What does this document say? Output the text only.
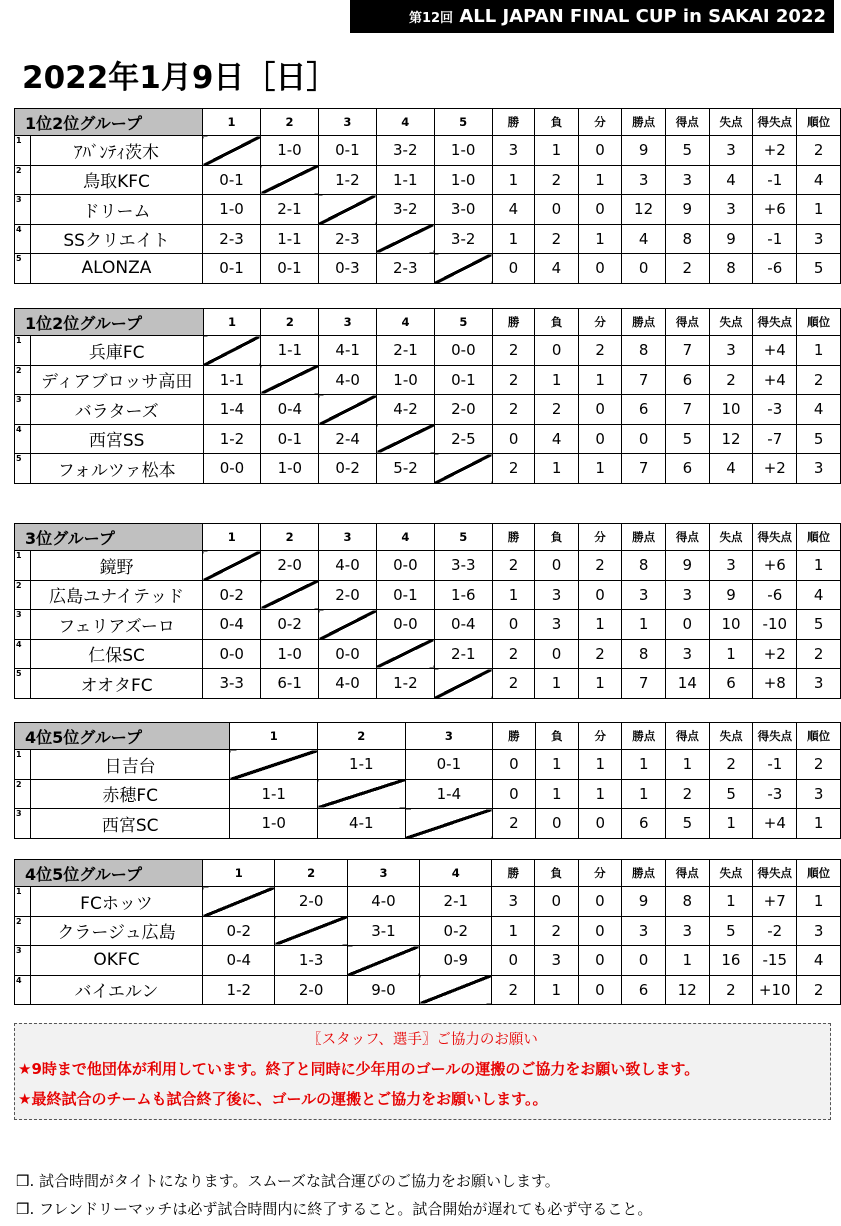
第12回 ALL JAPAN FINAL CUP in SAKAI 2022
2022年1月9日［日］
1位2位グループ		1	2	3	4	5	勝	負	分	勝点	得点	失点	得失点	順位
1	ｱﾊﾞﾝﾃｨ茨木		1-0	0-1	3-2	1-0	3	1	0	9	5	3	+2	2
2	鳥取KFC	0-1		1-2	1-1	1-0	1	2	1	3	3	4	-1	4
3	ドリーム	1-0	2-1		3-2	3-0	4	0	0	12	9	3	+6	1
4	SSクリエイト	2-3	1-1	2-3		3-2	1	2	1	4	8	9	-1	3
5	ALONZA	0-1	0-1	0-3	2-3		0	4	0	0	2	8	-6	5
1位2位グループ		1	2	3	4	5	勝	負	分	勝点	得点	失点	得失点	順位
1	兵庫FC		1-1	4-1	2-1	0-0	2	0	2	8	7	3	+4	1
2	ディアブロッサ高田	1-1		4-0	1-0	0-1	2	1	1	7	6	2	+4	2
3	バラターズ	1-4	0-4		4-2	2-0	2	2	0	6	7	10	-3	4
4	西宮SS	1-2	0-1	2-4		2-5	0	4	0	0	5	12	-7	5
5	フォルツァ松本	0-0	1-0	0-2	5-2		2	1	1	7	6	4	+2	3
3位グループ		1	2	3	4	5	勝	負	分	勝点	得点	失点	得失点	順位
1	鏡野		2-0	4-0	0-0	3-3	2	0	2	8	9	3	+6	1
2	広島ユナイテッド	0-2		2-0	0-1	1-6	1	3	0	3	3	9	-6	4
3	フェリアズーロ	0-4	0-2		0-0	0-4	0	3	1	1	0	10	-10	5
4	仁保SC	0-0	1-0	0-0		2-1	2	0	2	8	3	1	+2	2
5	オオタFC	3-3	6-1	4-0	1-2		2	1	1	7	14	6	+8	3
4位5位グループ		1	2	3	勝	負	分	勝点	得点	失点	得失点	順位
1	日吉台		1-1	0-1	0	1	1	1	1	2	-1	2
2	赤穂FC	1-1		1-4	0	1	1	1	2	5	-3	3
3	西宮SC	1-0	4-1		2	0	0	6	5	1	+4	1
4位5位グループ		1	2	3	4	勝	負	分	勝点	得点	失点	得失点	順位
1	FCホッツ		2-0	4-0	2-1	3	0	0	9	8	1	+7	1
2	クラージュ広島	0-2		3-1	0-2	1	2	0	3	3	5	-2	3
3	OKFC	0-4	1-3		0-9	0	3	0	0	1	16	-15	4
4	バイエルン	1-2	2-0	9-0		2	1	0	6	12	2	+10	2
〖スタッフ、選手〗ご協力のお願い
★9時まで他団体が利用しています。終了と同時に少年用のゴールの運搬のご協力をお願い致します。
★最終試合のチームも試合終了後に、ゴールの運搬とご協力をお願いします。。
❒. 試合時間がタイトになります。スムーズな試合運びのご協力をお願いします。
❒. フレンドリーマッチは必ず試合時間内に終了すること。試合開始が遅れても必ず守ること。
